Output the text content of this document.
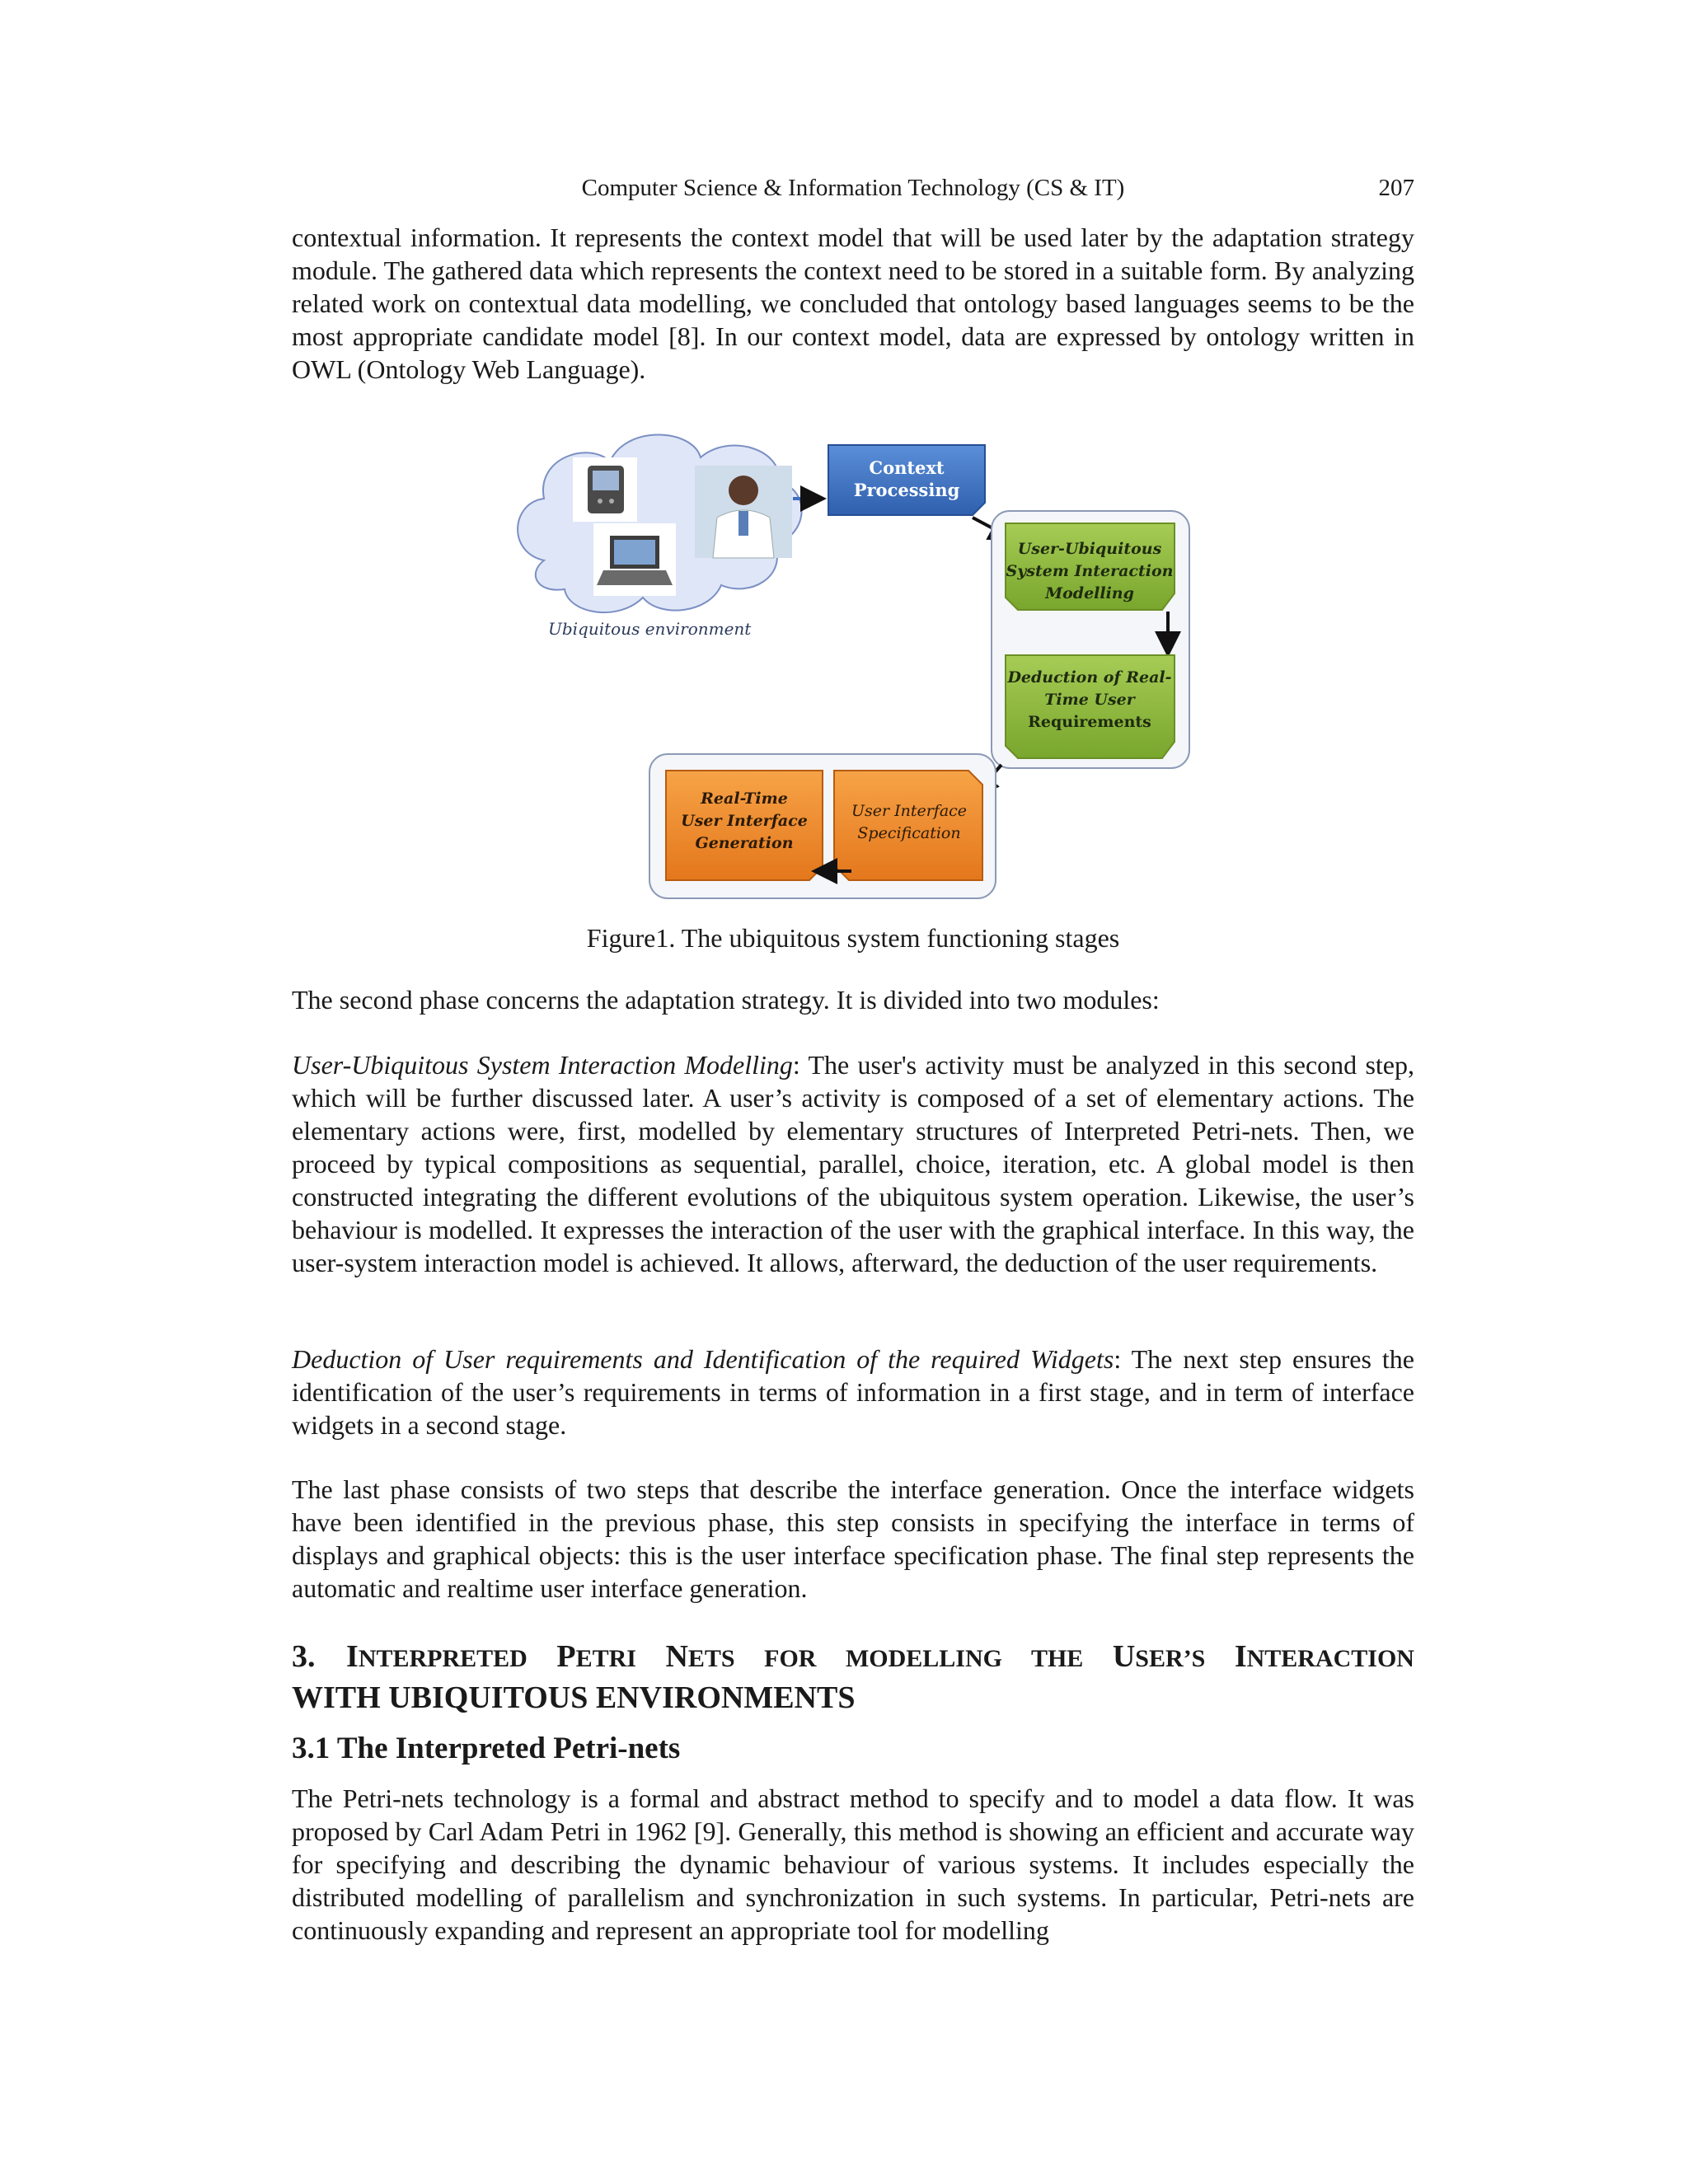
Computer Science & Information Technology (CS & IT)	207

contextual information. It represents the context model that will be used later by the adaptation strategy module. The gathered data which represents the context need to be stored in a suitable form. By analyzing related work on contextual data modelling, we concluded that ontology based languages seems to be the most appropriate candidate model [8]. In our context model, data are expressed by ontology written in OWL (Ontology Web Language).

Ubiquitous environment
Context
Processing
User-Ubiquitous
System Interaction
Modelling
Deduction of Real-
Time User
Requirements
Real-Time
User Interface
Generation
User Interface
Specification
Figure1. The ubiquitous system functioning stages

The second phase concerns the adaptation strategy. It is divided into two modules:

User-Ubiquitous System Interaction Modelling: The user's activity must be analyzed in this second step, which will be further discussed later. A user’s activity is composed of a set of elementary actions. The elementary actions were, first, modelled by elementary structures of Interpreted Petri-nets. Then, we proceed by typical compositions as sequential, parallel, choice, iteration, etc. A global model is then constructed integrating the different evolutions of the ubiquitous system operation. Likewise, the user’s behaviour is modelled. It expresses the interaction of the user with the graphical interface. In this way, the user-system interaction model is achieved. It allows, afterward, the deduction of the user requirements.

Deduction of User requirements and Identification of the required Widgets: The next step ensures the identification of the user’s requirements in terms of information in a first stage, and in term of interface widgets in a second stage.

The last phase consists of two steps that describe the interface generation. Once the interface widgets have been identified in the previous phase, this step consists in specifying the interface in terms of displays and graphical objects: this is the user interface specification phase. The final step represents the automatic and realtime user interface generation.

3. INTERPRETED PETRI NETS FOR MODELLING THE USER’S INTERACTION
WITH UBIQUITOUS ENVIRONMENTS
3.1 The Interpreted Petri-nets

The Petri-nets technology is a formal and abstract method to specify and to model a data flow. It was proposed by Carl Adam Petri in 1962 [9]. Generally, this method is showing an efficient and accurate way for specifying and describing the dynamic behaviour of various systems. It includes especially the distributed modelling of parallelism and synchronization in such systems. In particular, Petri-nets are continuously expanding and represent an appropriate tool for modelling
